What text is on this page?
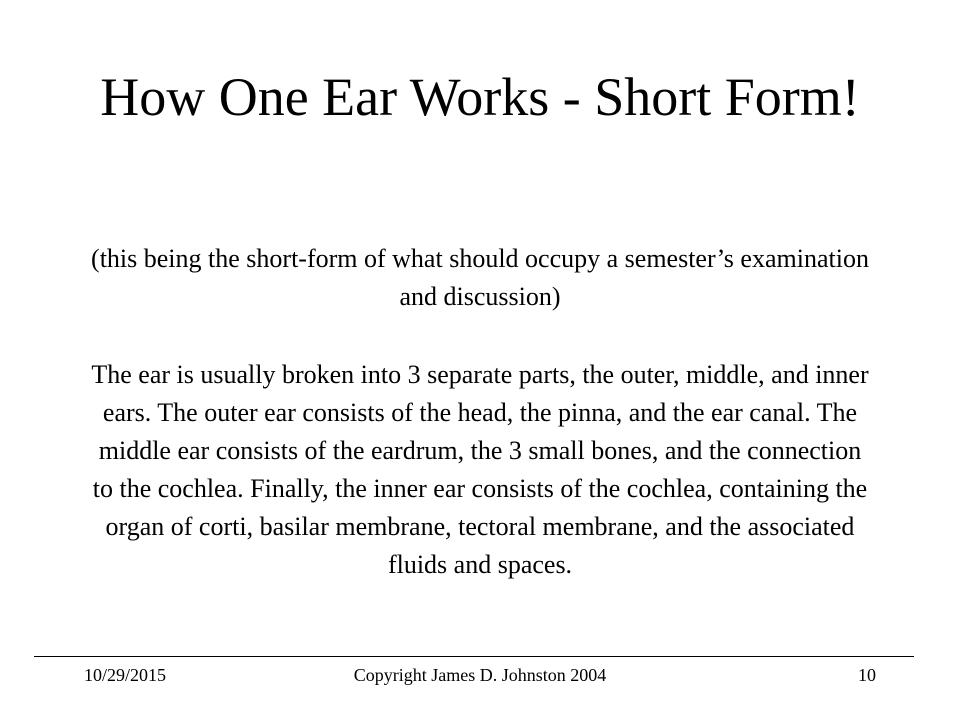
How One Ear Works - Short Form!

(this being the short-form of what should occupy a semester’s examination and discussion)

The ear is usually broken into 3 separate parts, the outer, middle, and inner ears. The outer ear consists of the head, the pinna, and the ear canal. The middle ear consists of the eardrum, the 3 small bones, and the connection to the cochlea. Finally, the inner ear consists of the cochlea, containing the organ of corti, basilar membrane, tectoral membrane, and the associated fluids and spaces.

10/29/2015	Copyright James D. Johnston 2004	10
